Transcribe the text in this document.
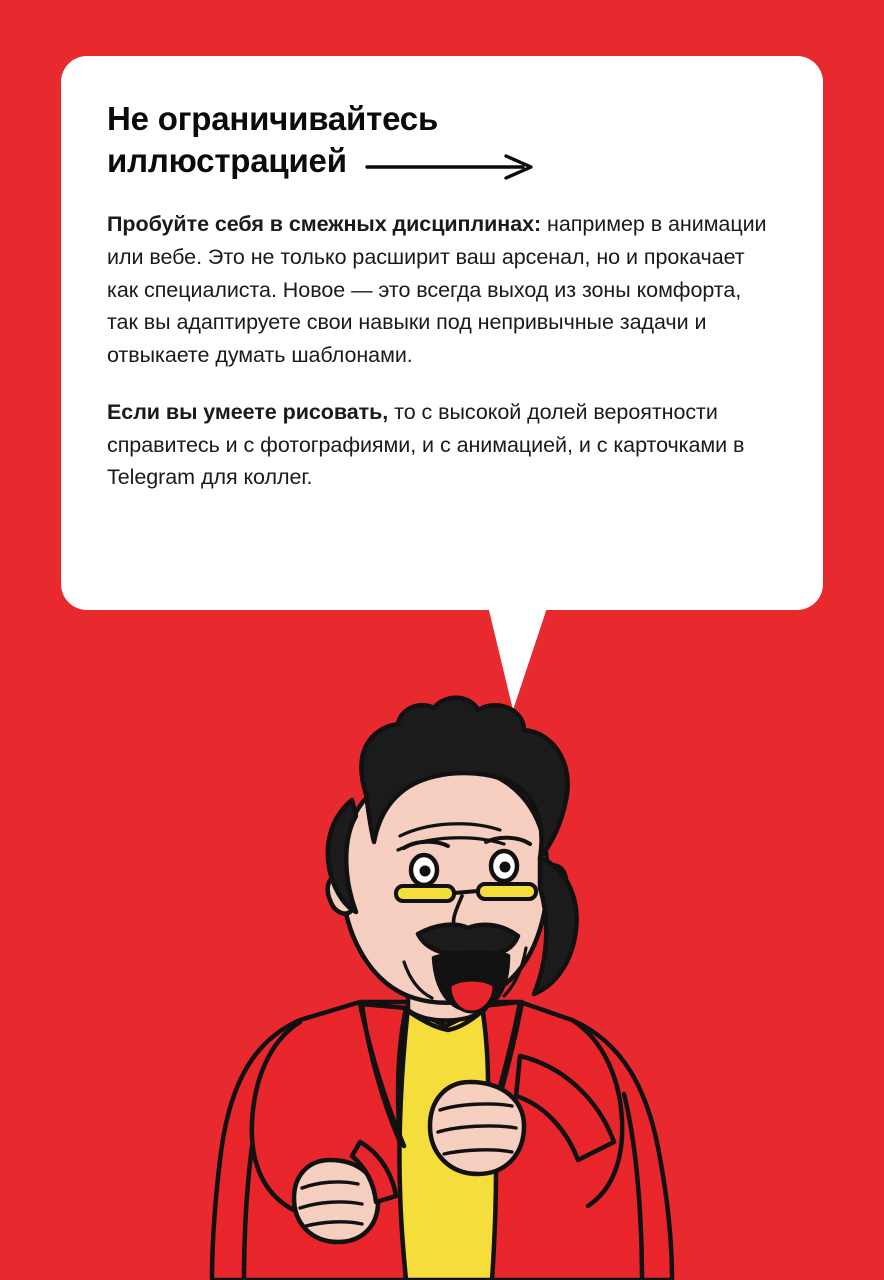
Не ограничивайтесь
иллюстрацией

Пробуйте себя в смежных дисциплинах: например в анимации или вебе. Это не только расширит ваш арсенал, но и прокачает как специалиста. Новое — это всегда выход из зоны комфорта, так вы адаптируете свои навыки под непривычные задачи и отвыкаете думать шаблонами.

Если вы умеете рисовать, то с высокой долей вероятности справитесь и с фотографиями, и с анимацией, и с карточками в Telegram для коллег.
